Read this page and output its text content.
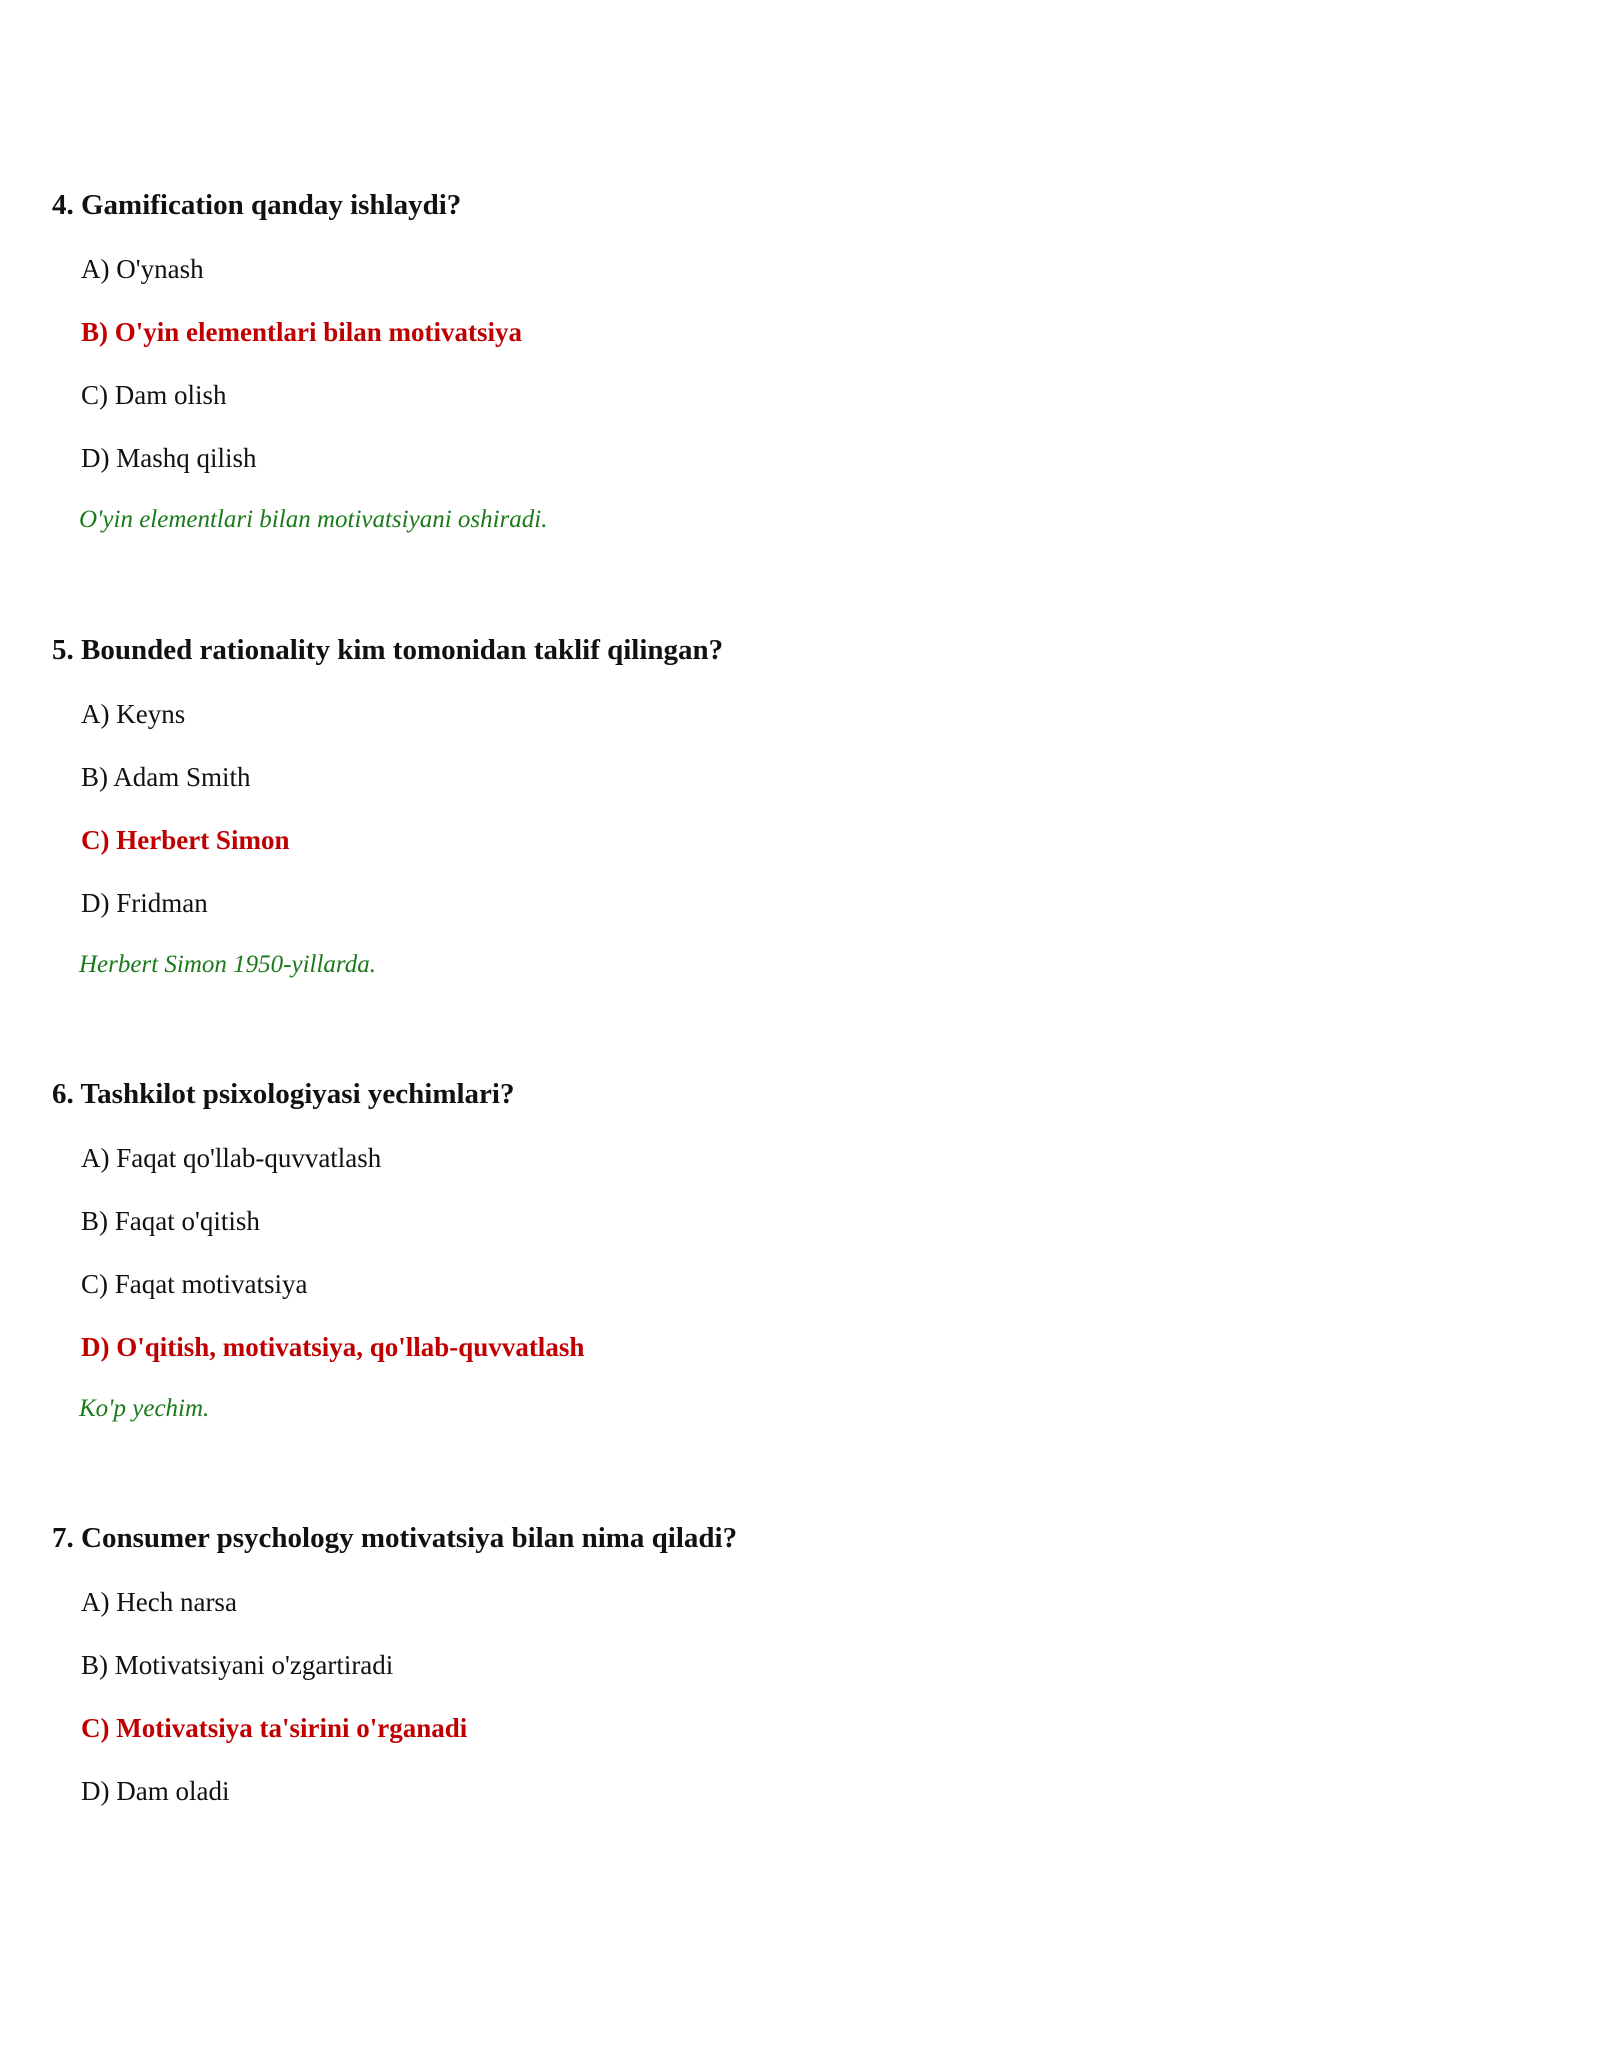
4. Gamification qanday ishlaydi?
A) O'ynash
B) O'yin elementlari bilan motivatsiya
C) Dam olish
D) Mashq qilish
O'yin elementlari bilan motivatsiyani oshiradi.
5. Bounded rationality kim tomonidan taklif qilingan?
A) Keyns
B) Adam Smith
C) Herbert Simon
D) Fridman
Herbert Simon 1950-yillarda.
6. Tashkilot psixologiyasi yechimlari?
A) Faqat qo'llab-quvvatlash
B) Faqat o'qitish
C) Faqat motivatsiya
D) O'qitish, motivatsiya, qo'llab-quvvatlash
Ko'p yechim.
7. Consumer psychology motivatsiya bilan nima qiladi?
A) Hech narsa
B) Motivatsiyani o'zgartiradi
C) Motivatsiya ta'sirini o'rganadi
D) Dam oladi
